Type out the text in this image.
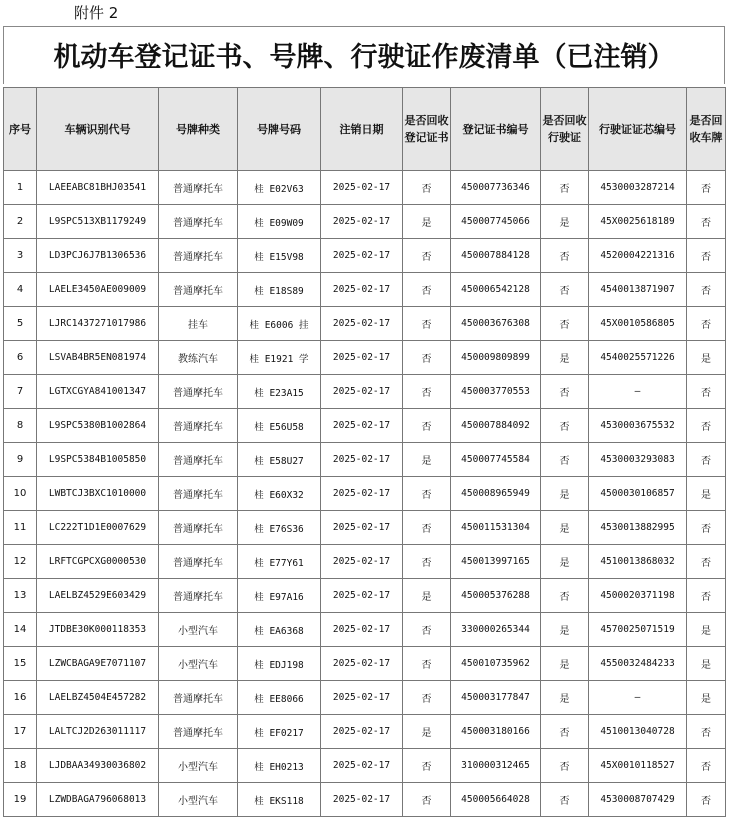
附件 2
机动车登记证书、号牌、行驶证作废清单（已注销）
序号	车辆识别代号	号牌种类	号牌号码	注销日期	是否回收登记证书	登记证书编号	是否回收行驶证	行驶证证芯编号	是否回收车牌
1	LAEEABC81BHJ03541	普通摩托车	桂 E02V63	2025-02-17	否	450007736346	否	4530003287214	否
2	L9SPC513XB1179249	普通摩托车	桂 E09W09	2025-02-17	是	450007745066	是	45X0025618189	否
3	LD3PCJ6J7B1306536	普通摩托车	桂 E15V98	2025-02-17	否	450007884128	否	4520004221316	否
4	LAELE3450AE009009	普通摩托车	桂 E18S89	2025-02-17	否	450006542128	否	4540013871907	否
5	LJRC1437271017986	挂车	桂 E6006 挂	2025-02-17	否	450003676308	否	45X0010586805	否
6	LSVAB4BR5EN081974	教练汽车	桂 E1921 学	2025-02-17	否	450009809899	是	4540025571226	是
7	LGTXCGYA841001347	普通摩托车	桂 E23A15	2025-02-17	否	450003770553	否	—	否
8	L9SPC5380B1002864	普通摩托车	桂 E56U58	2025-02-17	否	450007884092	否	4530003675532	否
9	L9SPC5384B1005850	普通摩托车	桂 E58U27	2025-02-17	是	450007745584	否	4530003293083	否
10	LWBTCJ3BXC1010000	普通摩托车	桂 E60X32	2025-02-17	否	450008965949	是	4500030106857	是
11	LC222T1D1E0007629	普通摩托车	桂 E76S36	2025-02-17	否	450011531304	是	4530013882995	否
12	LRFTCGPCXG0000530	普通摩托车	桂 E77Y61	2025-02-17	否	450013997165	是	4510013868032	否
13	LAELBZ4529E603429	普通摩托车	桂 E97A16	2025-02-17	是	450005376288	否	4500020371198	否
14	JTDBE30K000118353	小型汽车	桂 EA6368	2025-02-17	否	330000265344	是	4570025071519	是
15	LZWCBAGA9E7071107	小型汽车	桂 EDJ198	2025-02-17	否	450010735962	是	4550032484233	是
16	LAELBZ4504E457282	普通摩托车	桂 EE8066	2025-02-17	否	450003177847	是	—	是
17	LALTCJ2D263011117	普通摩托车	桂 EF0217	2025-02-17	是	450003180166	否	4510013040728	否
18	LJDBAA34930036802	小型汽车	桂 EH0213	2025-02-17	否	310000312465	否	45X0010118527	否
19	LZWDBAGA796068013	小型汽车	桂 EKS118	2025-02-17	否	450005664028	否	4530008707429	否
